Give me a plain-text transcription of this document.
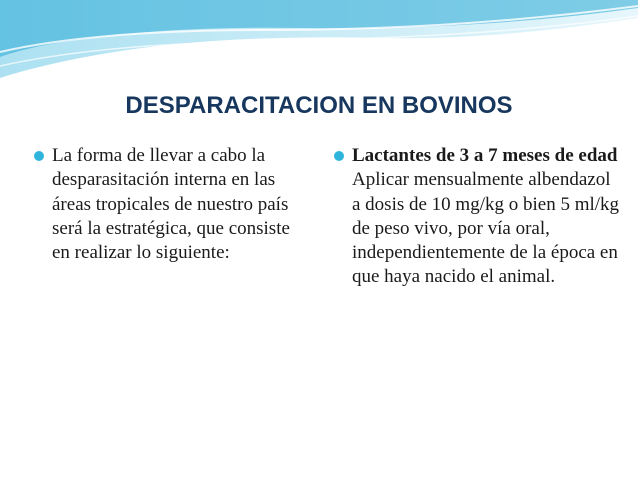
DESPARACITACION EN BOVINOS
La forma de llevar a cabo la desparasitación interna en las áreas tropicales de nuestro país será la estratégica, que consiste en realizar lo siguiente:
Lactantes de 3 a 7 meses de edad
Aplicar mensualmente albendazol a dosis de 10 mg/kg o bien 5 ml/kg de peso vivo, por vía oral, independientemente de la época en que haya nacido el animal.
